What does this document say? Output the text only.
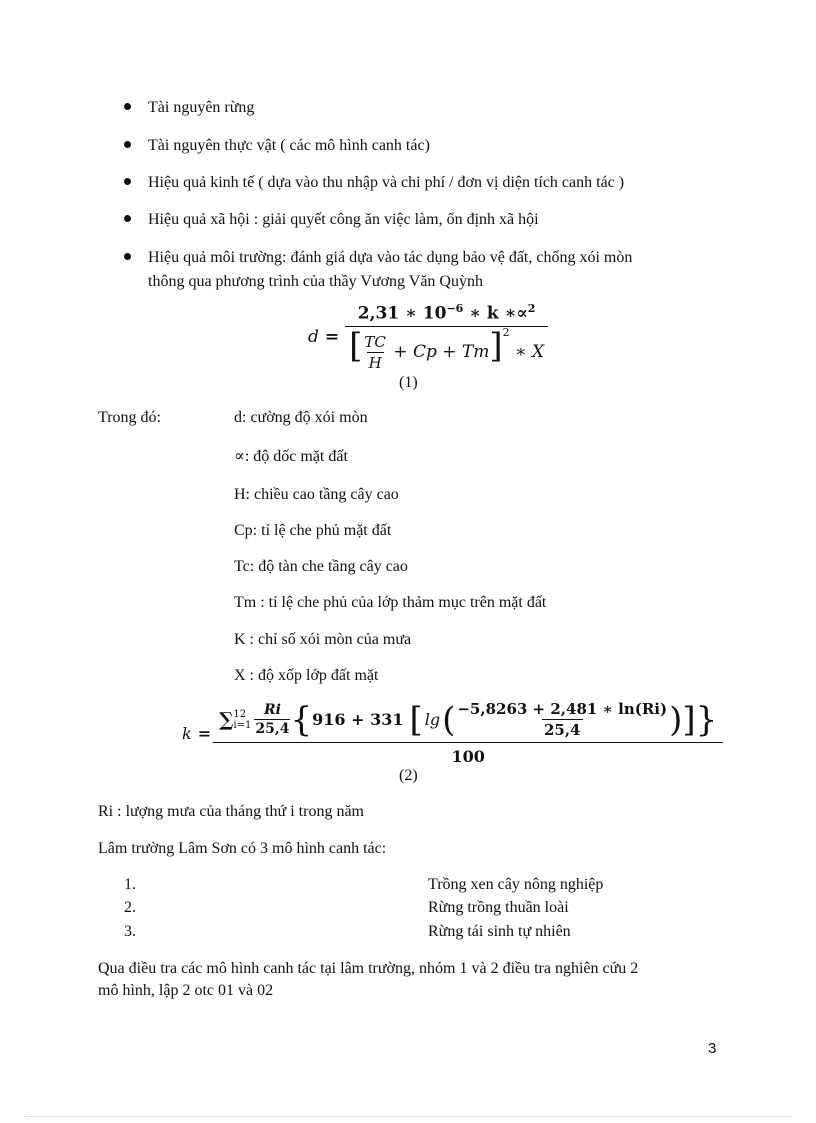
Tài nguyên rừng
Tài nguyên thực vật ( các mô hình canh tác)
Hiệu quả kinh tế ( dựa vào thu nhập và chi phí / đơn vị diện tích canh tác )
Hiệu quả xã hội : giải quyết công ăn việc làm, ổn định xã hội
Hiệu quả môi trường: đánh giá dựa vào tác dụng bảo vệ đất, chống xói mòn
thông qua phương trình của thầy Vương Văn Quỳnh
$d = \frac{2,31 ∗ 10^{-6} ∗ k ∗\propto^2}{[ \frac{TC}{H} + Cp + Tm]^2 ∗ X}$
(1)
Trong đó:	d: cường độ xói mòn
∝: độ dốc mặt đất
H: chiều cao tầng cây cao
Cp: tỉ lệ che phủ mặt đất
Tc: độ tàn che tầng cây cao
Tm : tỉ lệ che phủ của lớp thảm mục trên mặt đất
K : chỉ số xói mòn của mưa
X : độ xốp lớp đất mặt
k =
∑ 12
$i=1 \frac{Ri}{25,4}$ { 916 + 331 [ lg ( $\frac{-5,8263 + 2,481 ∗ \ln(Ri)}{25,4}$ ) ] }
100
(2)
Ri : lượng mưa của tháng thứ i trong năm
Lâm trường Lâm Sơn có 3 mô hình canh tác:
1.	Trồng xen cây nông nghiệp
2.	Rừng trồng thuần loài
3.	Rừng tái sinh tự nhiên
Qua điều tra các mô hình canh tác tại lâm trường, nhóm 1 và 2 điều tra nghiên cứu 2
mô hình, lập 2 otc 01 và 02
3
